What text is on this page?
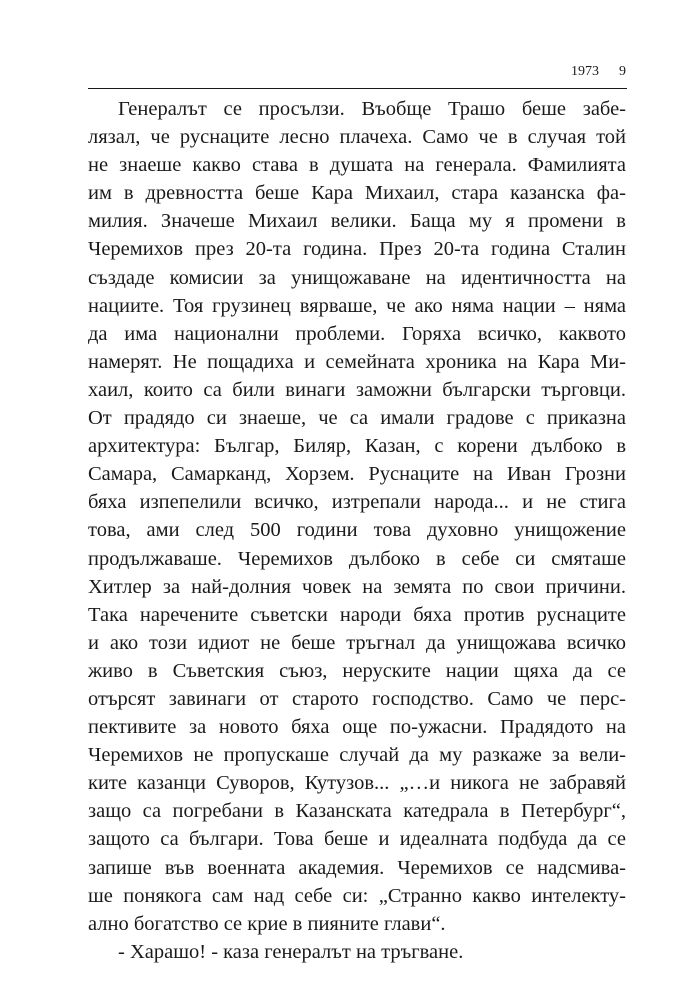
1973 9
Генералът се просълзи. Въобще Трашо беше забе-
лязал, че руснаците лесно плачеха. Само че в случая той
не знаеше какво става в душата на генерала. Фамилията
им в древността беше Кара Михаил, стара казанска фа-
милия. Значеше Михаил велики. Баща му я промени в
Черемихов през 20-та година. През 20-та година Сталин
създаде комисии за унищожаване на идентичността на
нациите. Тоя грузинец вярваше, че ако няма нации – няма
да има национални проблеми. Горяха всичко, каквото
намерят. Не пощадиха и семейната хроника на Кара Ми-
хаил, които са били винаги заможни български търговци.
От прадядо си знаеше, че са имали градове с приказна
архитектура: Българ, Биляр, Казан, с корени дълбоко в
Самара, Самарканд, Хорзем. Руснаците на Иван Грозни
бяха изпепелили всичко, изтрепали народа... и не стига
това, ами след 500 години това духовно унищожение
продължаваше. Черемихов дълбоко в себе си смяташе
Хитлер за най-долния човек на земята по свои причини.
Така наречените съветски народи бяха против руснаците
и ако този идиот не беше тръгнал да унищожава всичко
живо в Съветския съюз, неруските нации щяха да се
отърсят завинаги от старото господство. Само че перс-
пективите за новото бяха още по-ужасни. Прадядото на
Черемихов не пропускаше случай да му разкаже за вели-
ките казанци Суворов, Кутузов... „…и никога не забравяй
защо са погребани в Казанската катедрала в Петербург“,
защото са българи. Това беше и идеалната подбуда да се
запише във военната академия. Черемихов се надсмива-
ше понякога сам над себе си: „Странно какво интелекту-
ално богатство се крие в пияните глави“.
- Харашо! - каза генералът на тръгване.
